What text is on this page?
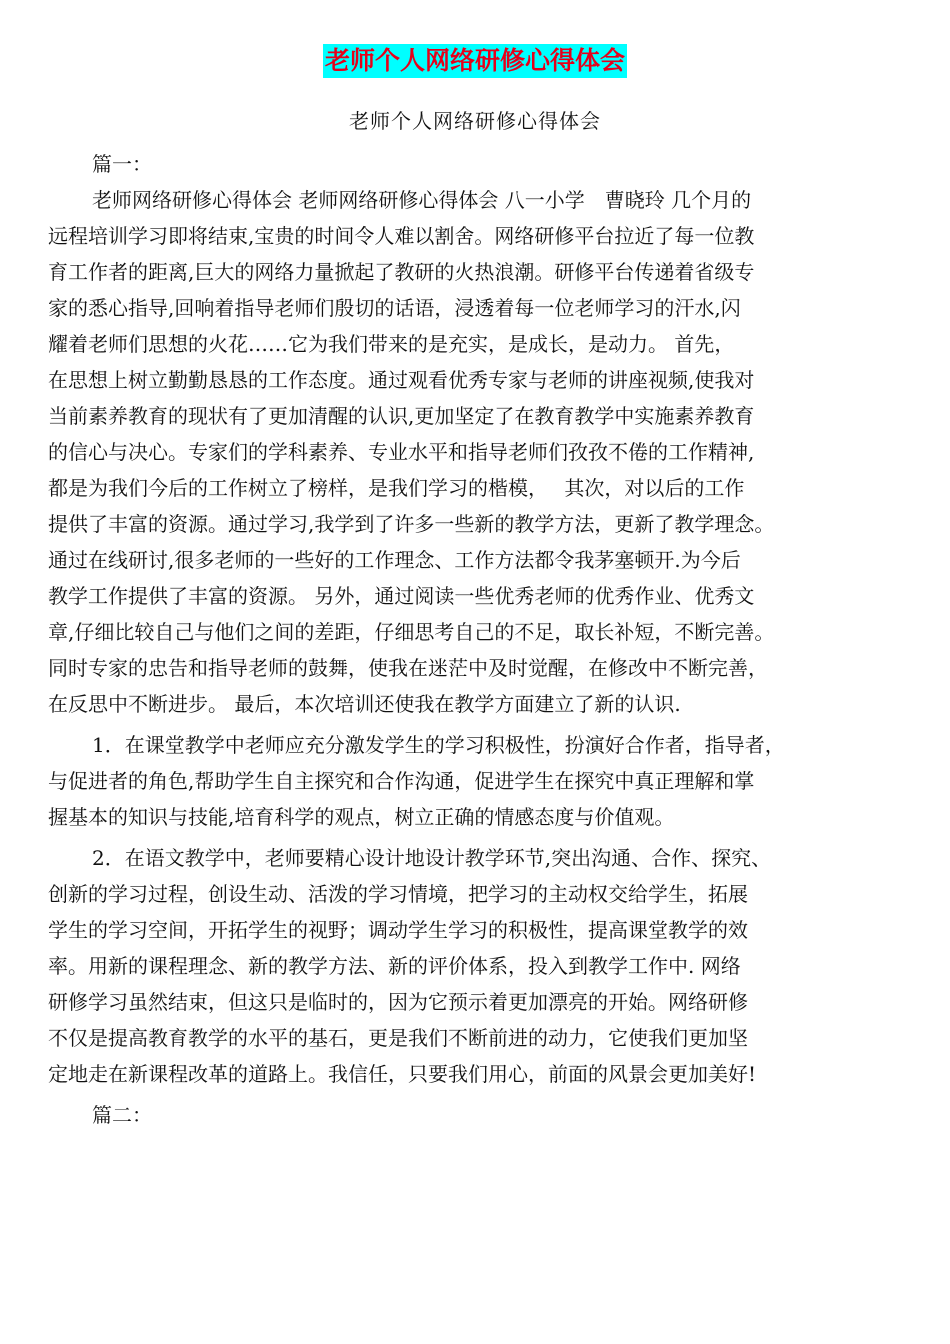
老师个人网络研修心得体会
老师个人网络研修心得体会
篇一：
老师网络研修心得体会 老师网络研修心得体会 八一小学　曹晓玲 几个月的
远程培训学习即将结束,宝贵的时间令人难以割舍。网络研修平台拉近了每一位教
育工作者的距离,巨大的网络力量掀起了教研的火热浪潮。研修平台传递着省级专
家的悉心指导,回响着指导老师们殷切的话语，浸透着每一位老师学习的汗水,闪
耀着老师们思想的火花……它为我们带来的是充实，是成长，是动力。 首先，
在思想上树立勤勤恳恳的工作态度。通过观看优秀专家与老师的讲座视频,使我对
当前素养教育的现状有了更加清醒的认识,更加坚定了在教育教学中实施素养教育
的信心与决心。专家们的学科素养、专业水平和指导老师们孜孜不倦的工作精神,
都是为我们今后的工作树立了榜样，是我们学习的楷模，　 其次，对以后的工作
提供了丰富的资源。通过学习,我学到了许多一些新的教学方法，更新了教学理念。
通过在线研讨,很多老师的一些好的工作理念、工作方法都令我茅塞顿开.为今后
教学工作提供了丰富的资源。 另外，通过阅读一些优秀老师的优秀作业、优秀文
章,仔细比较自己与他们之间的差距，仔细思考自己的不足，取长补短，不断完善。
同时专家的忠告和指导老师的鼓舞，使我在迷茫中及时觉醒，在修改中不断完善，
在反思中不断进步。 最后，本次培训还使我在教学方面建立了新的认识.
1．在课堂教学中老师应充分激发学生的学习积极性，扮演好合作者，指导者，
与促进者的角色,帮助学生自主探究和合作沟通，促进学生在探究中真正理解和掌
握基本的知识与技能,培育科学的观点，树立正确的情感态度与价值观。
2．在语文教学中，老师要精心设计地设计教学环节,突出沟通、合作、探究、
创新的学习过程，创设生动、活泼的学习情境，把学习的主动权交给学生，拓展
学生的学习空间，开拓学生的视野；调动学生学习的积极性，提高课堂教学的效
率。用新的课程理念、新的教学方法、新的评价体系，投入到教学工作中. 网络
研修学习虽然结束，但这只是临时的，因为它预示着更加漂亮的开始。网络研修
不仅是提高教育教学的水平的基石，更是我们不断前进的动力，它使我们更加坚
定地走在新课程改革的道路上。我信任，只要我们用心，前面的风景会更加美好!
篇二：
